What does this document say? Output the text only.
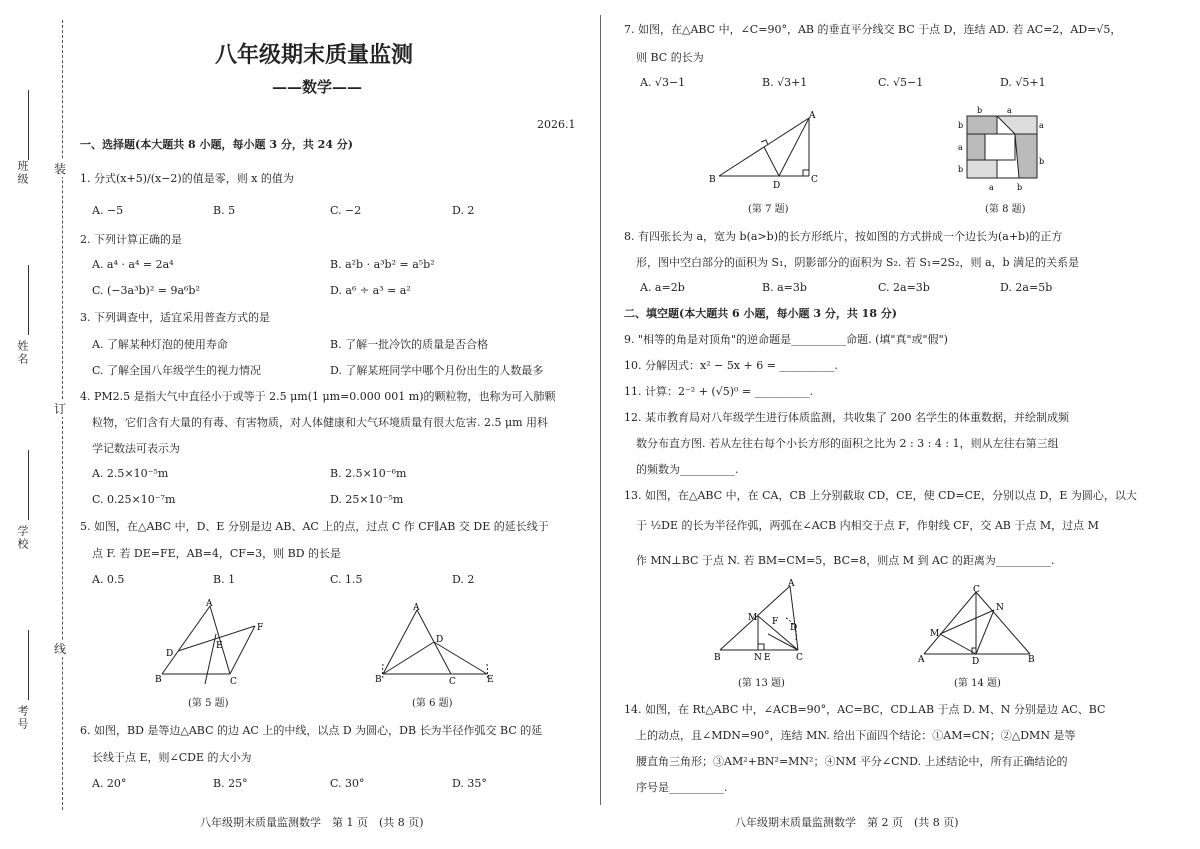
班级
姓名
学校
考号
装
订
线
八年级期末质量监测
——数学——
2026.1
一、选择题(本大题共 8 小题，每小题 3 分，共 24 分)
1. 分式(x+5)/(x−2)的值是零，则 x 的值为
A. −5	B. 5	C. −2	D. 2
2. 下列计算正确的是
A. a⁴ · a⁴ = 2a⁴	B. a²b · a³b² = a⁵b²
C. (−3a³b)² = 9a⁶b²	D. a⁶ ÷ a³ = a²
3. 下列调查中，适宜采用普查方式的是
A. 了解某种灯泡的使用寿命	B. 了解一批冷饮的质量是否合格
C. 了解全国八年级学生的视力情况	D. 了解某班同学中哪个月份出生的人数最多
4. PM2.5 是指大气中直径小于或等于 2.5 μm(1 μm=0.000 001 m)的颗粒物，也称为可入肺颗
粒物，它们含有大量的有毒、有害物质，对人体健康和大气环境质量有很大危害. 2.5 μm 用科
学记数法可表示为
A. 2.5×10⁻⁵m	B. 2.5×10⁻⁶m
C. 0.25×10⁻⁷m	D. 25×10⁻⁵m
5. 如图，在△ABC 中，D、E 分别是边 AB、AC 上的点，过点 C 作 CF∥AB 交 DE 的延长线于
点 F. 若 DE=FE，AB=4，CF=3，则 BD 的长是
A. 0.5	B. 1	C. 1.5	D. 2
A
B	C
D
E
F
(第 5 题)
A
B	C
D
E
(第 6 题)
6. 如图，BD 是等边△ABC 的边 AC 上的中线，以点 D 为圆心，DB 长为半径作弧交 BC 的延
长线于点 E，则∠CDE 的大小为
A. 20°	B. 25°	C. 30°	D. 35°
八年级期末质量监测数学　第 1 页　(共 8 页)
7. 如图，在△ABC 中，∠C=90°，AB 的垂直平分线交 BC 于点 D，连结 AD. 若 AC=2，AD=√5，
则 BC 的长为
A. √3−1	B. √3+1	C. √5−1	D. √5+1
A
B	C
D
(第 7 题)
b	a
b
a
a
b
b
a	b
(第 8 题)
8. 有四张长为 a，宽为 b(a>b)的长方形纸片，按如图的方式拼成一个边长为(a+b)的正方
形，图中空白部分的面积为 S₁，阴影部分的面积为 S₂. 若 S₁=2S₂，则 a，b 满足的关系是
A. a=2b	B. a=3b	C. 2a=3b	D. 2a=5b
二、填空题(本大题共 6 小题，每小题 3 分，共 18 分)
9. "相等的角是对顶角"的逆命题是__________命题. (填"真"或"假")
10. 分解因式：x² − 5x + 6 = __________.
11. 计算：2⁻² + (√5)⁰ = __________.
12. 某市教育局对八年级学生进行体质监测，共收集了 200 名学生的体重数据，并绘制成频
数分布直方图. 若从左往右每个小长方形的面积之比为 2 : 3 : 4 : 1，则从左往右第三组
的频数为__________.
13. 如图，在△ABC 中，在 CA，CB 上分别截取 CD，CE，使 CD=CE，分别以点 D，E 为圆心，以大
于 ½DE 的长为半径作弧，两弧在∠ACB 内相交于点 F，作射线 CF，交 AB 于点 M，过点 M
作 MN⊥BC 于点 N. 若 BM=CM=5，BC=8，则点 M 到 AC 的距离为__________.
A
B	C
M F
N E
D
(第 13 题)
C
A	B
D
M
N
(第 14 题)
14. 如图，在 Rt△ABC 中，∠ACB=90°，AC=BC，CD⊥AB 于点 D. M、N 分别是边 AC、BC
上的动点，且∠MDN=90°，连结 MN. 给出下面四个结论：①AM=CN；②△DMN 是等
腰直角三角形；③AM²+BN²=MN²；④NM 平分∠CND. 上述结论中，所有正确结论的
序号是__________.
八年级期末质量监测数学　第 2 页　(共 8 页)
